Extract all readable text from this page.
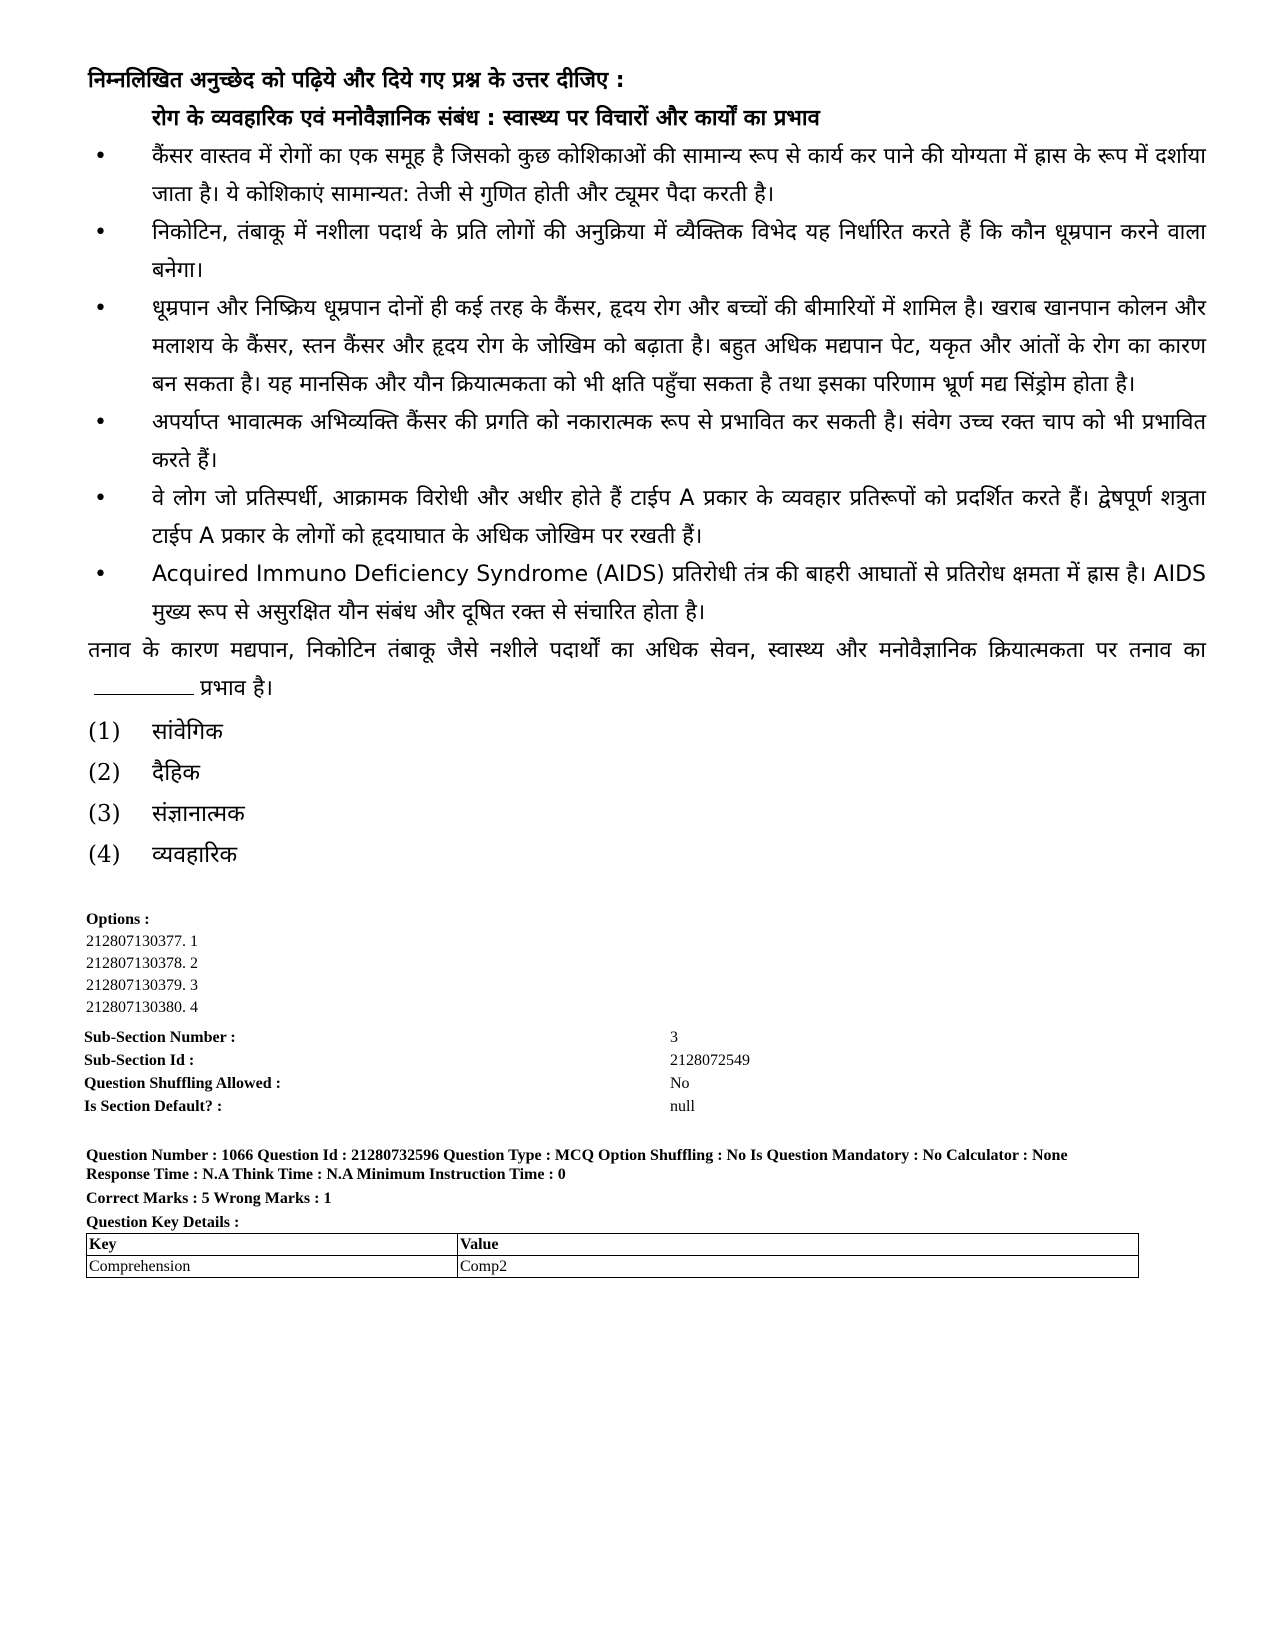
निम्नलिखित अनुच्छेद को पढ़िये और दिये गए प्रश्न के उत्तर दीजिए :

रोग के व्यवहारिक एवं मनोवैज्ञानिक संबंध : स्वास्थ्य पर विचारों और कार्यों का प्रभाव

• कैंसर वास्तव में रोगों का एक समूह है जिसको कुछ कोशिकाओं की सामान्य रूप से कार्य कर पाने की योग्यता में ह्रास के रूप में दर्शाया जाता है। ये कोशिकाएं सामान्यत: तेजी से गुणित होती और ट्यूमर पैदा करती है।
• निकोटिन, तंबाकू में नशीला पदार्थ के प्रति लोगों की अनुक्रिया में व्यैक्तिक विभेद यह निर्धारित करते हैं कि कौन धूम्रपान करने वाला बनेगा।
• धूम्रपान और निष्क्रिय धूम्रपान दोनों ही कई तरह के कैंसर, हृदय रोग और बच्चों की बीमारियों में शामिल है। खराब खानपान कोलन और मलाशय के कैंसर, स्तन कैंसर और हृदय रोग के जोखिम को बढ़ाता है। बहुत अधिक मद्यपान पेट, यकृत और आंतों के रोग का कारण बन सकता है। यह मानसिक और यौन क्रियात्मकता को भी क्षति पहुँचा सकता है तथा इसका परिणाम भ्रूर्ण मद्य सिंड्रोम होता है।
• अपर्याप्त भावात्मक अभिव्यक्ति कैंसर की प्रगति को नकारात्मक रूप से प्रभावित कर सकती है। संवेग उच्च रक्त चाप को भी प्रभावित करते हैं।
• वे लोग जो प्रतिस्पर्धी, आक्रामक विरोधी और अधीर होते हैं टाईप A प्रकार के व्यवहार प्रतिरूपों को प्रदर्शित करते हैं। द्वेषपूर्ण शत्रुता टाईप A प्रकार के लोगों को हृदयाघात के अधिक जोखिम पर रखती हैं।
• Acquired Immuno Deficiency Syndrome (AIDS) प्रतिरोधी तंत्र की बाहरी आघातों से प्रतिरोध क्षमता में ह्रास है। AIDS मुख्य रूप से असुरक्षित यौन संबंध और दूषित रक्त से संचारित होता है।

तनाव के कारण मद्यपान, निकोटिन तंबाकू जैसे नशीले पदार्थों का अधिक सेवन, स्वास्थ्य और मनोवैज्ञानिक क्रियात्मकता पर तनाव काप्रभाव है।

(1)	सांवेगिक
(2)	दैहिक
(3)	संज्ञानात्मक
(4)	व्यवहारिक
Options :
212807130377. 1
212807130378. 2
212807130379. 3
212807130380. 4
Sub-Section Number :	3
Sub-Section Id :	2128072549
Question Shuffling Allowed :	No
Is Section Default? :	null

Question Number : 1066 Question Id : 21280732596 Question Type : MCQ Option Shuffling : No Is Question Mandatory : No Calculator : None

Response Time : N.A Think Time : N.A Minimum Instruction Time : 0

Correct Marks : 5 Wrong Marks : 1

Question Key Details :

Key	Value
Comprehension	Comp2
